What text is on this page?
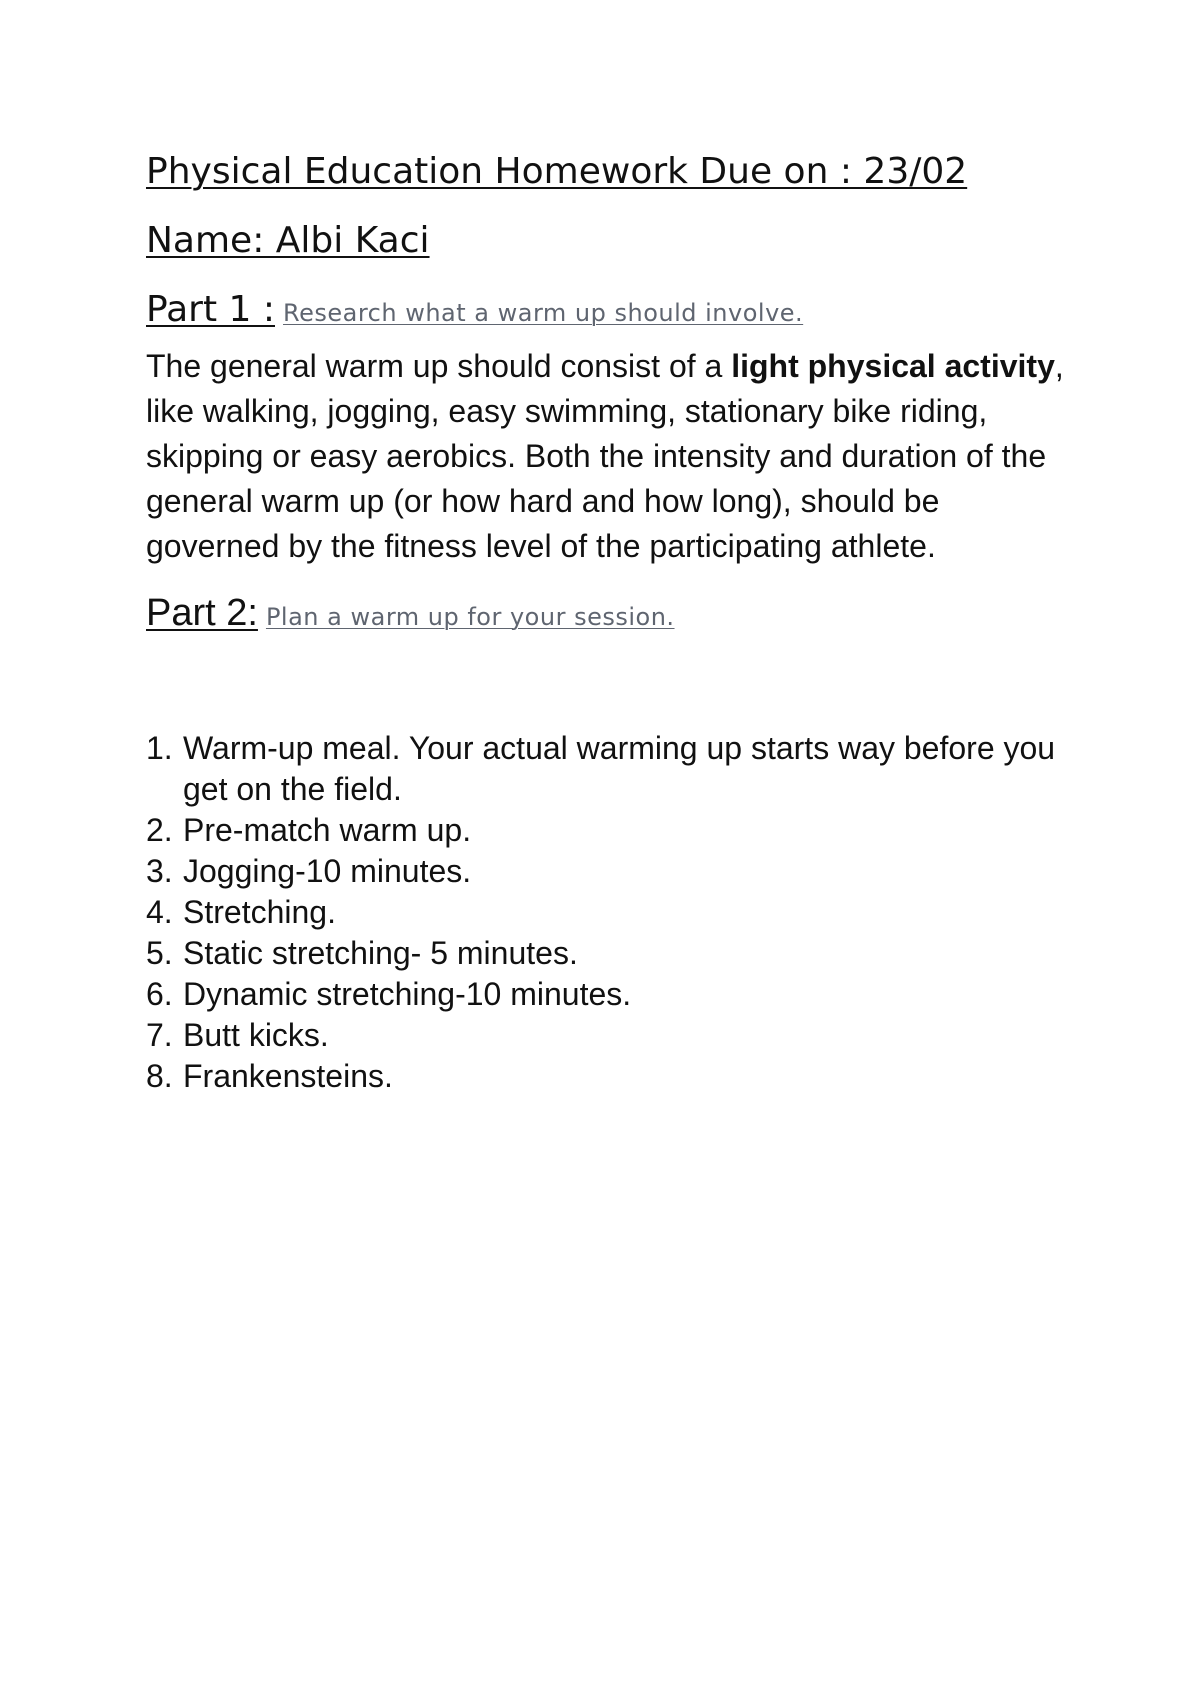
Physical Education Homework Due on : 23/02
Name: Albi Kaci
Part 1 : Research what a warm up should involve.

The general warm up should consist of a light physical activity, like walking, jogging, easy swimming, stationary bike riding, skipping or easy aerobics. Both the intensity and duration of the general warm up (or how hard and how long), should be governed by the fitness level of the participating athlete.

Part 2: Plan a warm up for your session.
1. Warm-up meal. Your actual warming up starts way before you get on the field.
2. Pre-match warm up.
3. Jogging-10 minutes.
4. Stretching.
5. Static stretching- 5 minutes.
6. Dynamic stretching-10 minutes.
7. Butt kicks.
8. Frankensteins.
